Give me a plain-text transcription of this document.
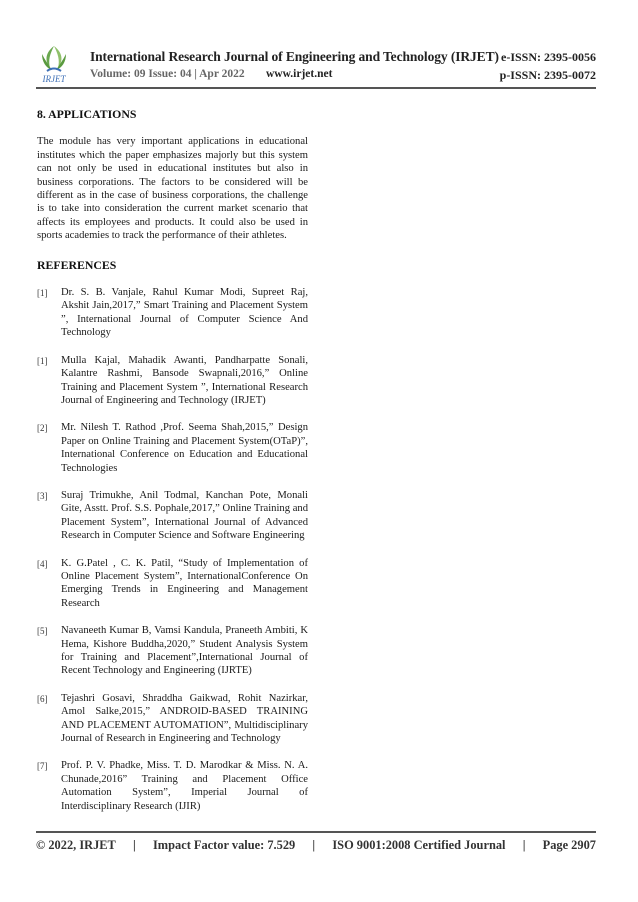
IRJET
International Research Journal of Engineering and Technology (IRJET)
Volume: 09 Issue: 04 | Apr 2022 www.irjet.net
e-ISSN: 2395-0056
p-ISSN: 2395-0072
8. APPLICATIONS

The module has very important applications in educational institutes which the paper emphasizes majorly but this system can not only be used in educational institutes but also in business corporations. The factors to be considered will be different as in the case of business corporations, the challenge is to take into consideration the current market scenario that affects its employees and products. It could also be used in sports academies to track the performance of their athletes.

REFERENCES
[1]	Dr. S. B. Vanjale, Rahul Kumar Modi, Supreet Raj, Akshit Jain,2017,” Smart Training and Placement System ”, International Journal of Computer Science And Technology
[1]	Mulla Kajal, Mahadik Awanti, Pandharpatte Sonali, Kalantre Rashmi, Bansode Swapnali,2016,” Online Training and Placement System ”, International Research Journal of Engineering and Technology (IRJET)
[2]	Mr. Nilesh T. Rathod ,Prof. Seema Shah,2015,” Design Paper on Online Training and Placement System(OTaP)”, International Conference on Education and Educational Technologies
[3]	Suraj Trimukhe, Anil Todmal, Kanchan Pote, Monali Gite, Asstt. Prof. S.S. Pophale,2017,” Online Training and Placement System”, International Journal of Advanced Research in Computer Science and Software Engineering
[4]	K. G.Patel , C. K. Patil, “Study of Implementation of Online Placement System”, InternationalConference On Emerging Trends in Engineering and Management Research
[5]	Navaneeth Kumar B, Vamsi Kandula, Praneeth Ambiti, K Hema, Kishore Buddha,2020,” Student Analysis System for Training and Placement”,International Journal of Recent Technology and Engineering (IJRTE)
[6]	Tejashri Gosavi, Shraddha Gaikwad, Rohit Nazirkar, Amol Salke,2015,” ANDROID-BASED TRAINING AND PLACEMENT AUTOMATION”, Multidisciplinary Journal of Research in Engineering and Technology
[7]	Prof. P. V. Phadke, Miss. T. D. Marodkar & Miss. N. A. Chunade,2016” Training and Placement Office Automation System”, Imperial Journal of Interdisciplinary Research (IJIR)
© 2022, IRJET | Impact Factor value: 7.529 | ISO 9001:2008 Certified Journal | Page 2907
